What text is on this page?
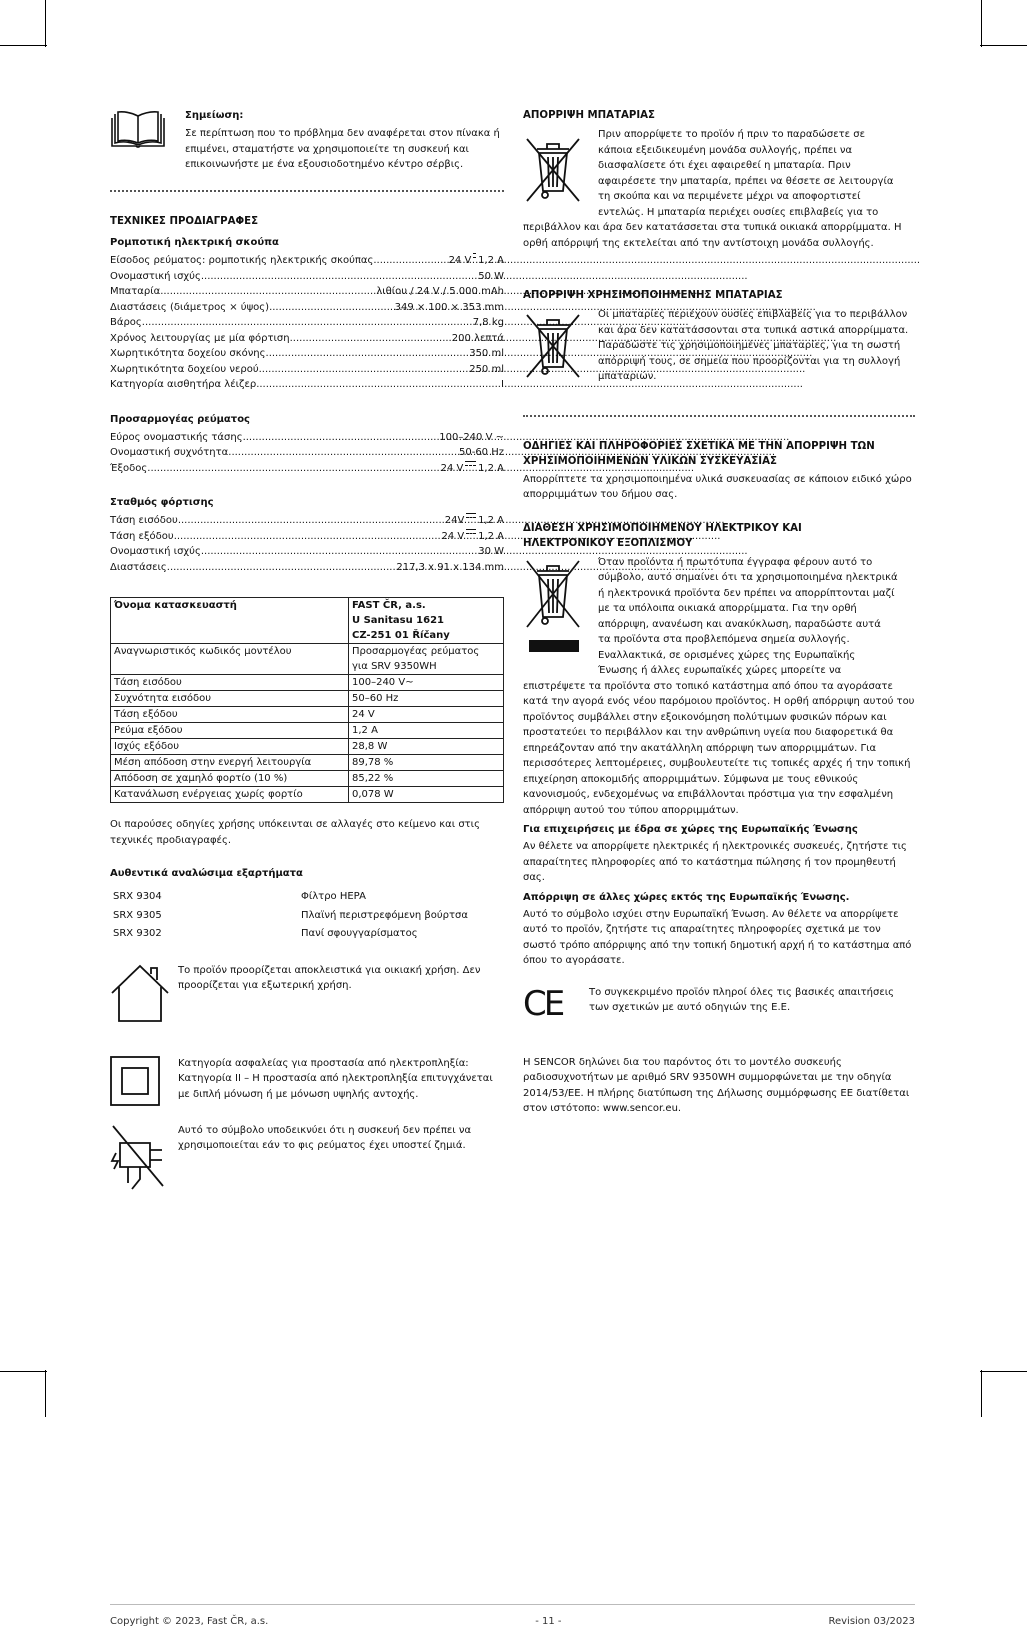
Σημείωση:

Σε περίπτωση που το πρόβλημα δεν αναφέρεται στον πίνακα ή επιμένει, σταματήστε να χρησιμοποιείτε τη συσκευή και επικοινωνήστε με ένα εξουσιοδοτημένο κέντρο σέρβις.

ΤΕΧΝΙΚΕΣ ΠΡΟΔΙΑΓΡΑΦΕΣ
Ρομποτική ηλεκτρική σκούπα
Είσοδος ρεύματος: ρομποτικής ηλεκτρικής σκούπας .....	24 V 1,2 A
Ονομαστική ισχύς .....	50 W
Μπαταρία .....	λιθίου / 24 V / 5 000 mAh
Διαστάσεις (διάμετρος × ύψος) .....	349 × 100 × 353 mm
Βάρος .....	7,8 kg
Χρόνος λειτουργίας με μία φόρτιση .....	200 λεπτά
Χωρητικότητα δοχείου σκόνης .....	350 ml
Χωρητικότητα δοχείου νερού .....	250 ml
Κατηγορία αισθητήρα λέιζερ .....	I
Προσαρμογέας ρεύματος
Εύρος ονομαστικής τάσης .....	100–240 V ~
Ονομαστική συχνότητα .....	50-60 Hz
Έξοδος .....	24 V 1,2 A
Σταθμός φόρτισης
Τάση εισόδου .....	24V 1,2 A
Τάση εξόδου .....	24 V 1,2 A
Ονομαστική ισχύς .....	30 W
Διαστάσεις .....	217,3 x 91 x 134 mm
Όνομα κατασκευαστή	FAST ČR, a.s.
U Sanitasu 1621
CZ-251 01 Říčany

Αναγνωριστικός κωδικός μοντέλου	Προσαρμογέας ρεύματος
για SRV 9350WH

Τάση εισόδου	100–240 V~

Συχνότητα εισόδου	50–60 Hz

Τάση εξόδου	24 V

Ρεύμα εξόδου	1,2 A

Ισχύς εξόδου	28,8 W

Μέση απόδοση στην ενεργή λειτουργία	89,78 %

Απόδοση σε χαμηλό φορτίο (10 %)	85,22 %

Κατανάλωση ενέργειας χωρίς φορτίο	0,078 W

Οι παρούσες οδηγίες χρήσης υπόκεινται σε αλλαγές στο κείμενο και στις τεχνικές προδιαγραφές.

Αυθεντικά αναλώσιμα εξαρτήματα
SRX 9304	Φίλτρο HEPA
SRX 9305	Πλαϊνή περιστρεφόμενη βούρτσα
SRX 9302	Πανί σφουγγαρίσματος

Το προϊόν προορίζεται αποκλειστικά για οικιακή χρήση. Δεν προορίζεται για εξωτερική χρήση.

Κατηγορία ασφαλείας για προστασία από ηλεκτροπληξία: Κατηγορία II – Η προστασία από ηλεκτροπληξία επιτυγχάνεται με διπλή μόνωση ή με μόνωση υψηλής αντοχής.

Αυτό το σύμβολο υποδεικνύει ότι η συσκευή δεν πρέπει να χρησιμοποιείται εάν το φις ρεύματος έχει υποστεί ζημιά.

ΑΠΟΡΡΙΨΗ ΜΠΑΤΑΡΙΑΣ
Πριν απορρίψετε το προϊόν ή πριν το παραδώσετε σε
κάποια εξειδικευμένη μονάδα συλλογής, πρέπει να
διασφαλίσετε ότι έχει αφαιρεθεί η μπαταρία. Πριν
αφαιρέσετε την μπαταρία, πρέπει να θέσετε σε λειτουργία
τη σκούπα και να περιμένετε μέχρι να αποφορτιστεί
εντελώς. Η μπαταρία περιέχει ουσίες επιβλαβείς για το

περιβάλλον και άρα δεν κατατάσσεται στα τυπικά οικιακά απορρίμματα. Η ορθή απόρριψή της εκτελείται από την αντίστοιχη μονάδα συλλογής.

ΑΠΟΡΡΙΨΗ ΧΡΗΣΙΜΟΠΟΙΗΜΕΝΗΣ ΜΠΑΤΑΡΙΑΣ

Οι μπαταρίες περιέχουν ουσίες επιβλαβείς για το περιβάλλον και άρα δεν κατατάσσονται στα τυπικά αστικά απορρίμματα. Παραδώστε τις χρησιμοποιημένες μπαταρίες, για τη σωστή απόρριψή τους, σε σημεία που προορίζονται για τη συλλογή μπαταριών.

ΟΔΗΓΙΕΣ ΚΑΙ ΠΛΗΡΟΦΟΡΙΕΣ ΣΧΕΤΙΚΑ ΜΕ ΤΗΝ ΑΠΟΡΡΙΨΗ ΤΩΝ
ΧΡΗΣΙΜΟΠΟΙΗΜΕΝΩΝ ΥΛΙΚΩΝ ΣΥΣΚΕΥΑΣΙΑΣ

Απορρίπτετε τα χρησιμοποιημένα υλικά συσκευασίας σε κάποιον ειδικό χώρο απορριμμάτων του δήμου σας.

ΔΙΑΘΕΣΗ ΧΡΗΣΙΜΟΠΟΙΗΜΕΝΟΥ ΗΛΕΚΤΡΙΚΟΥ ΚΑΙ
ΗΛΕΚΤΡΟΝΙΚΟΥ ΕΞΟΠΛΙΣΜΟΥ
Όταν προϊόντα ή πρωτότυπα έγγραφα φέρουν αυτό το
σύμβολο, αυτό σημαίνει ότι τα χρησιμοποιημένα ηλεκτρικά
ή ηλεκτρονικά προϊόντα δεν πρέπει να απορρίπτονται μαζί
με τα υπόλοιπα οικιακά απορρίμματα. Για την ορθή
απόρριψη, ανανέωση και ανακύκλωση, παραδώστε αυτά
τα προϊόντα στα προβλεπόμενα σημεία συλλογής.
Εναλλακτικά, σε ορισμένες χώρες της Ευρωπαϊκής
Ένωσης ή άλλες ευρωπαϊκές χώρες μπορείτε να

επιστρέψετε τα προϊόντα στο τοπικό κατάστημα από όπου τα αγοράσατε κατά την αγορά ενός νέου παρόμοιου προϊόντος. Η ορθή απόρριψη αυτού του προϊόντος συμβάλλει στην εξοικονόμηση πολύτιμων φυσικών πόρων και προστατεύει το περιβάλλον και την ανθρώπινη υγεία που διαφορετικά θα επηρεάζονταν από την ακατάλληλη απόρριψη των απορριμμάτων. Για περισσότερες λεπτομέρειες, συμβουλευτείτε τις τοπικές αρχές ή την τοπική επιχείρηση αποκομιδής απορριμμάτων. Σύμφωνα με τους εθνικούς κανονισμούς, ενδεχομένως να επιβάλλονται πρόστιμα για την εσφαλμένη απόρριψη αυτού του τύπου απορριμμάτων.

Για επιχειρήσεις με έδρα σε χώρες της Ευρωπαϊκής Ένωσης

Αν θέλετε να απορρίψετε ηλεκτρικές ή ηλεκτρονικές συσκευές, ζητήστε τις απαραίτητες πληροφορίες από το κατάστημα πώλησης ή τον προμηθευτή σας.

Απόρριψη σε άλλες χώρες εκτός της Ευρωπαϊκής Ένωσης.

Αυτό το σύμβολο ισχύει στην Ευρωπαϊκή Ένωση. Αν θέλετε να απορρίψετε αυτό το προϊόν, ζητήστε τις απαραίτητες πληροφορίες σχετικά με τον σωστό τρόπο απόρριψης από την τοπική δημοτική αρχή ή το κατάστημα από όπου το αγοράσατε.

CE	Το συγκεκριμένο προϊόν πληροί όλες τις βασικές απαιτήσεις των σχετικών με αυτό οδηγιών της Ε.Ε.

Η SENCOR δηλώνει δια του παρόντος ότι το μοντέλο συσκευής ραδιοσυχνοτήτων με αριθμό SRV 9350WH συμμορφώνεται με την οδηγία 2014/53/ΕΕ. Η πλήρης διατύπωση της Δήλωσης συμμόρφωσης ΕΕ διατίθεται στον ιστότοπο: www.sencor.eu.

Copyright © 2023, Fast ČR, a.s.	- 11 -	Revision 03/2023
